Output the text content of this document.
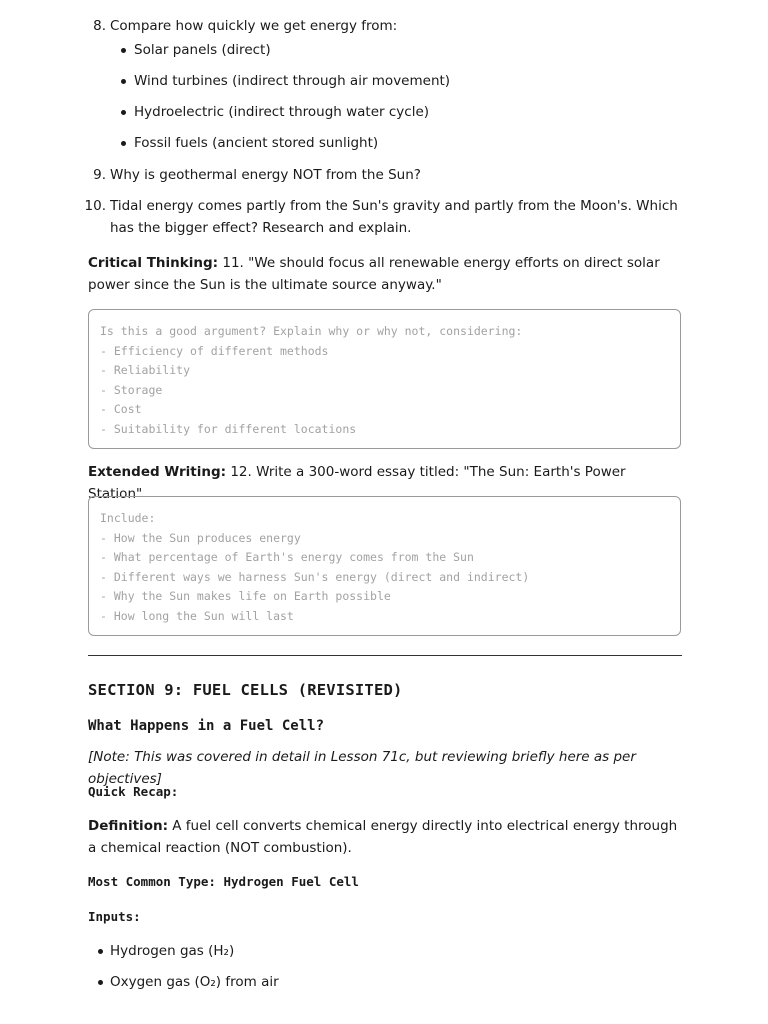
8. Compare how quickly we get energy from:
Solar panels (direct)
Wind turbines (indirect through air movement)
Hydroelectric (indirect through water cycle)
Fossil fuels (ancient stored sunlight)
9. Why is geothermal energy NOT from the Sun?
10. Tidal energy comes partly from the Sun's gravity and partly from the Moon's. Which has the bigger effect? Research and explain.

Critical Thinking: 11. "We should focus all renewable energy efforts on direct solar power since the Sun is the ultimate source anyway."

Is this a good argument? Explain why or why not, considering:
- Efficiency of different methods
- Reliability
- Storage
- Cost
- Suitability for different locations

Extended Writing: 12. Write a 300-word essay titled: "The Sun: Earth's Power Station"

Include:
- How the Sun produces energy
- What percentage of Earth's energy comes from the Sun
- Different ways we harness Sun's energy (direct and indirect)
- Why the Sun makes life on Earth possible
- How long the Sun will last
SECTION 9: FUEL CELLS (REVISITED)
What Happens in a Fuel Cell?

[Note: This was covered in detail in Lesson 71c, but reviewing briefly here as per objectives]

Quick Recap:

Definition: A fuel cell converts chemical energy directly into electrical energy through a chemical reaction (NOT combustion).

Most Common Type: Hydrogen Fuel Cell

Inputs:

Hydrogen gas (H₂)
Oxygen gas (O₂) from air
